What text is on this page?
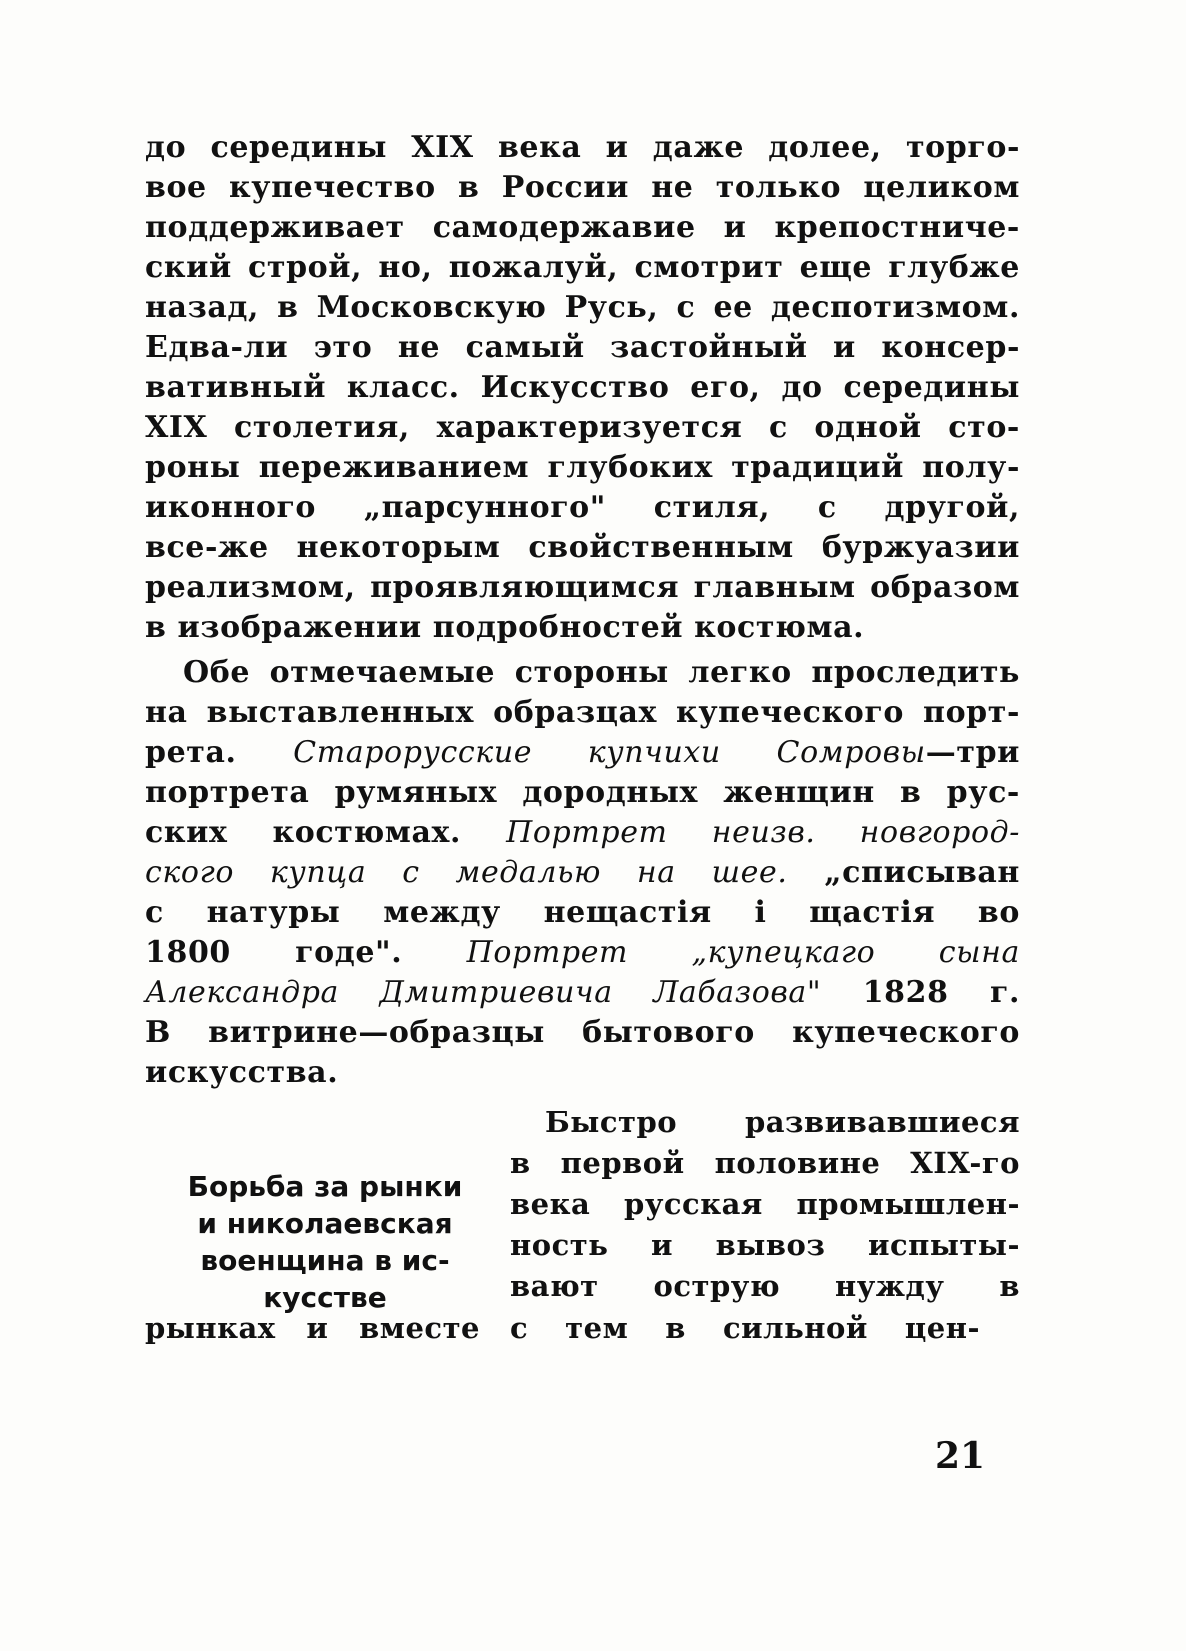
до середины XIX века и даже долее, торго-
вое купечество в России не только целиком
поддерживает самодержавие и крепостниче-
ский строй, но, пожалуй, смотрит еще глубже
назад, в Московскую Русь, с ее деспотизмом.
Едва-ли это не самый застойный и консер-
вативный класс. Искусство его, до середины
XIX столетия, характеризуется с одной сто-
роны переживанием глубоких традиций полу-
иконного „парсунного" стиля, с другой,
все-же некоторым свойственным буржуазии
реализмом, проявляющимся главным образом
в изображении подробностей костюма.
Обе отмечаемые стороны легко проследить
на выставленных образцах купеческого порт-
рета. Старорусские купчихи Сомровы—три
портрета румяных дородных женщин в рус-
ских костюмах. Портрет неизв. новгород-
ского купца с медалью на шее. „списыван
с натуры между нещастія і щастія во
1800 годе". Портрет „купецкаго сына
Александра Дмитриевича Лабазова" 1828 г.
В витрине—образцы бытового купеческого
искусства.
Борьба за рынки
и николаевская
военщина в ис-
кусстве
Быстро развивавшиеся
в первой половине XIX-го
века русская промышлен-
ность и вывоз испыты-
вают острую нужду в
рынках и вместе с тем в сильной цен-
21
